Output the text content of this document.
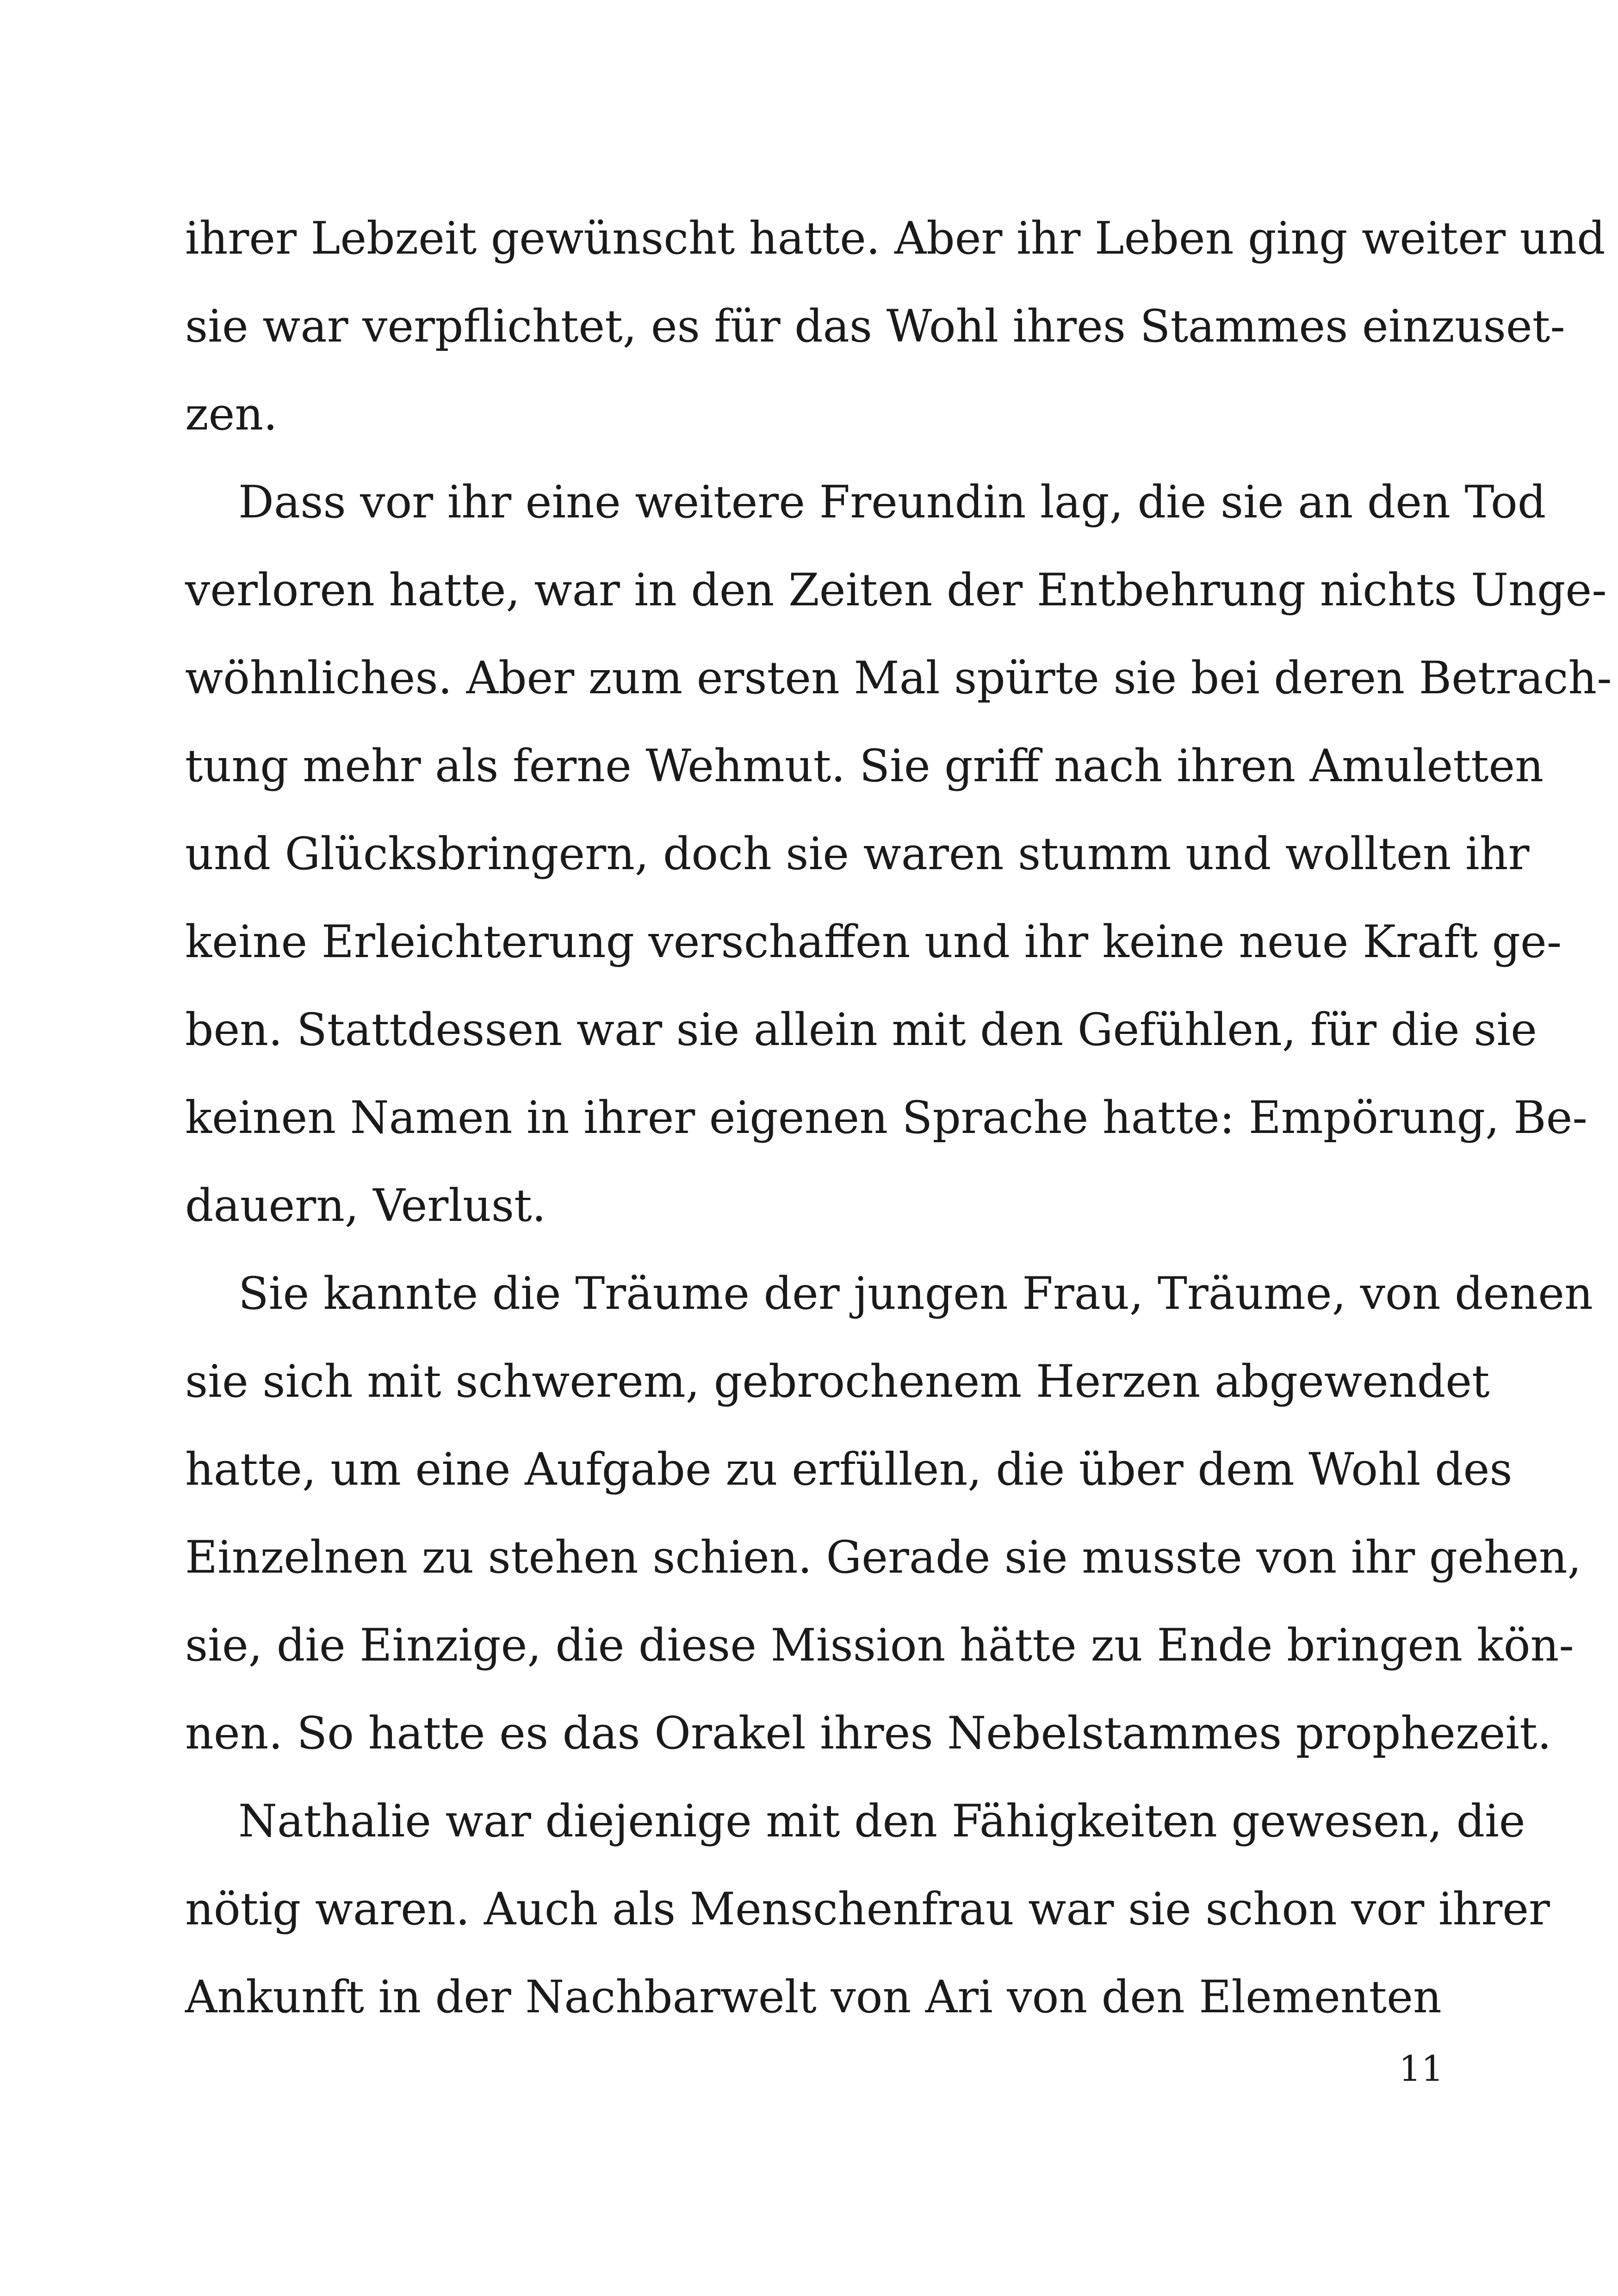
ihrer Lebzeit gewünscht hatte. Aber ihr Leben ging weiter und
sie war verpflichtet, es für das Wohl ihres Stammes einzuset-
zen.
Dass vor ihr eine weitere Freundin lag, die sie an den Tod
verloren hatte, war in den Zeiten der Entbehrung nichts Unge-
wöhnliches. Aber zum ersten Mal spürte sie bei deren Betrach-
tung mehr als ferne Wehmut. Sie griff nach ihren Amuletten
und Glücksbringern, doch sie waren stumm und wollten ihr
keine Erleichterung verschaffen und ihr keine neue Kraft ge-
ben. Stattdessen war sie allein mit den Gefühlen, für die sie
keinen Namen in ihrer eigenen Sprache hatte: Empörung, Be-
dauern, Verlust.
Sie kannte die Träume der jungen Frau, Träume, von denen
sie sich mit schwerem, gebrochenem Herzen abgewendet
hatte, um eine Aufgabe zu erfüllen, die über dem Wohl des
Einzelnen zu stehen schien. Gerade sie musste von ihr gehen,
sie, die Einzige, die diese Mission hätte zu Ende bringen kön-
nen. So hatte es das Orakel ihres Nebelstammes prophezeit.
Nathalie war diejenige mit den Fähigkeiten gewesen, die
nötig waren. Auch als Menschenfrau war sie schon vor ihrer
Ankunft in der Nachbarwelt von Ari von den Elementen
11
